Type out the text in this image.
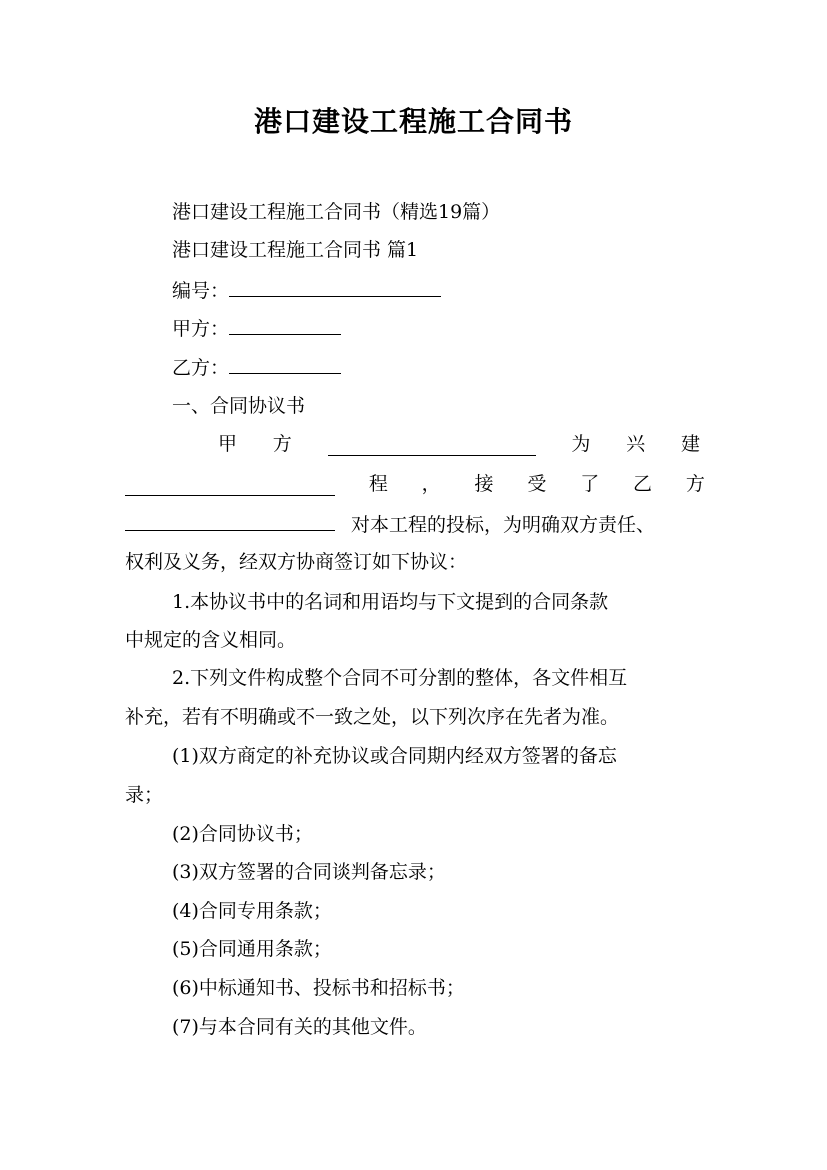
港口建设工程施工合同书
港口建设工程施工合同书（精选19篇）
港口建设工程施工合同书 篇1
编号：
甲方：
乙方：
一、合同协议书
甲 方	为 兴 建
程 ， 接 受 了 乙 方
对本工程的投标，为明确双方责任、
权利及义务，经双方协商签订如下协议：
1.本协议书中的名词和用语均与下文提到的合同条款
中规定的含义相同。
2.下列文件构成整个合同不可分割的整体，各文件相互
补充，若有不明确或不一致之处，以下列次序在先者为准。
(1)双方商定的补充协议或合同期内经双方签署的备忘
录；
(2)合同协议书；
(3)双方签署的合同谈判备忘录；
(4)合同专用条款；
(5)合同通用条款；
(6)中标通知书、投标书和招标书；
(7)与本合同有关的其他文件。
